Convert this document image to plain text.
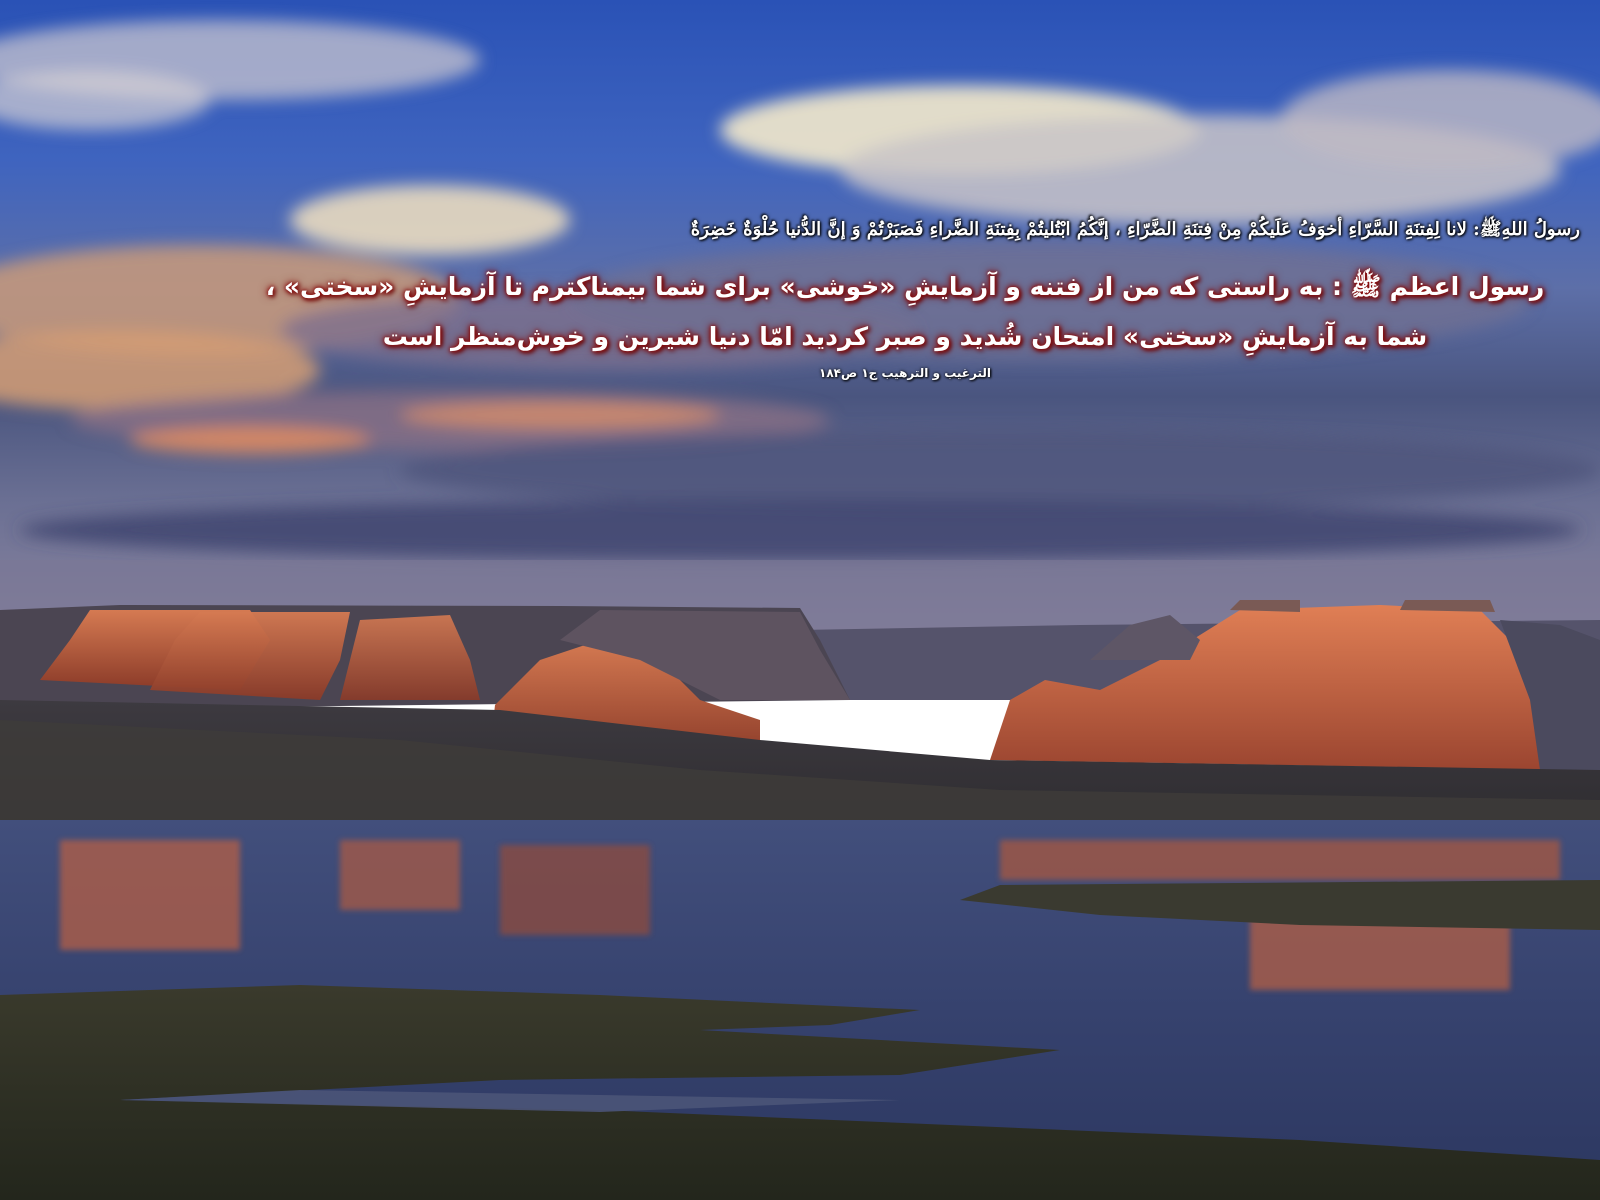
رسولُ اللهِﷺ: لانا لِفِتنَةِ السَّرّاءِ أخوَفُ عَلَيكُمْ مِنْ فِتنَةِ الضَّرّاءِ ، إنَّكُمُ ابْتُليتُمْ بِفِتنَةِ الضَّراءِ فَصَبَرْتُمْ وَ إنَّ الدُّنيا حُلْوَةٌ خَضِرَةٌ

رسول اعظم ﷺ : به راستی که من از فتنه و آزمایشِ «خوشی» برای شما بیمناکترم تا آزمایشِ «سختی» ، شما به آزمایشِ «سختی» امتحان شُدید و صبر کردید امّا دنیا شیرین و خوش‌منظر است

الترغیب و الترهیب ج۱ ص۱۸۴
